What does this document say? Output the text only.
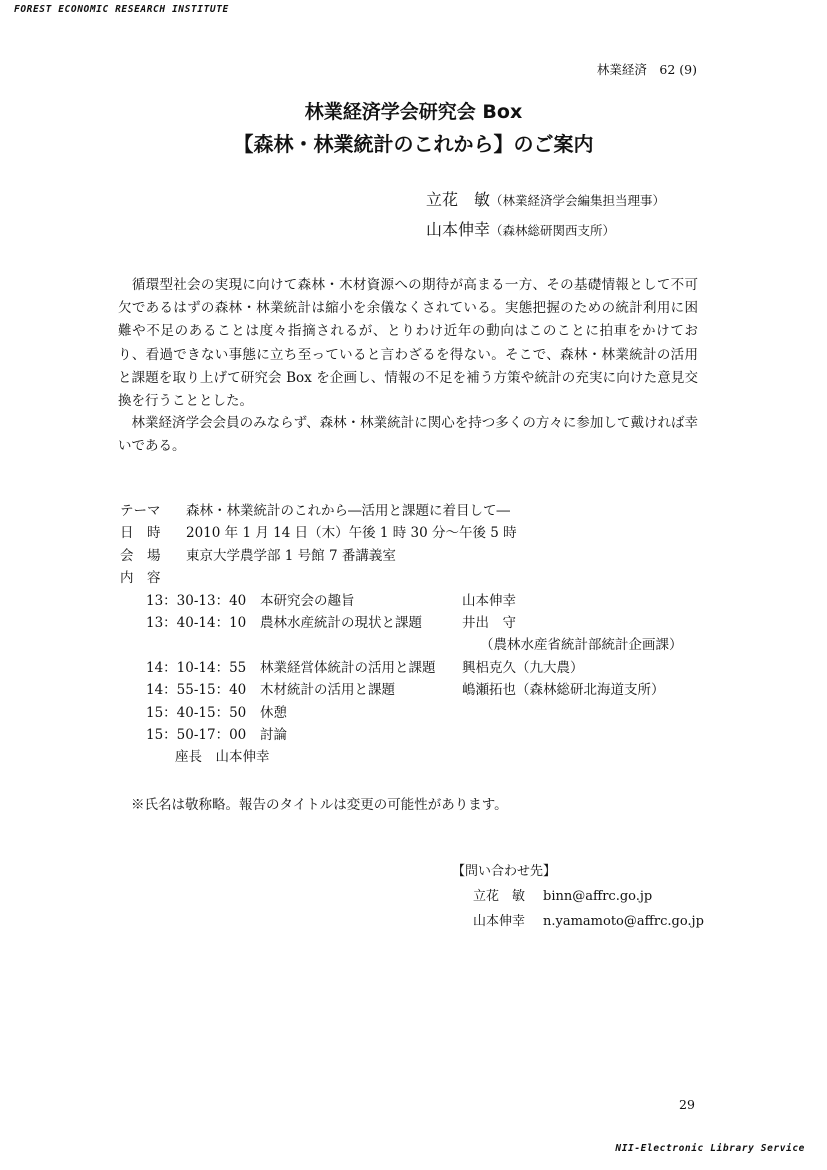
FOREST ECONOMIC RESEARCH INSTITUTE
林業経済　62 (9)
林業経済学会研究会 Box
【森林・林業統計のこれから】のご案内
立花　敏（林業経済学会編集担当理事）
山本伸幸（森林総研関西支所）
　循環型社会の実現に向けて森林・木材資源への期待が高まる一方、その基礎情報として不可欠であるはずの森林・林業統計は縮小を余儀なくされている。実態把握のための統計利用に困難や不足のあることは度々指摘されるが、とりわけ近年の動向はこのことに拍車をかけており、看過できない事態に立ち至っていると言わざるを得ない。そこで、森林・林業統計の活用と課題を取り上げて研究会 Box を企画し、情報の不足を補う方策や統計の充実に向けた意見交換を行うこととした。
　林業経済学会会員のみならず、森林・林業統計に関心を持つ多くの方々に参加して戴ければ幸いである。
テーマ 森林・林業統計のこれから―活用と課題に着目して―
日　時 2010 年 1 月 14 日（木）午後 1 時 30 分～午後 5 時
会　場 東京大学農学部 1 号館 7 番講義室
内　容
13：30-13：40 本研究会の趣旨	山本伸幸
13：40-14：10 農林水産統計の現状と課題	井出　守
（農林水産省統計部統計企画課）
14：10-14：55 林業経営体統計の活用と課題 興梠克久（九大農）
14：55-15：40 木材統計の活用と課題	嶋瀬拓也（森林総研北海道支所）
15：40-15：50 休憩
15：50-17：00 討論
座長　山本伸幸
※氏名は敬称略。報告のタイトルは変更の可能性があります。
【問い合わせ先】
立花　敏 binn@affrc.go.jp
山本伸幸 n.yamamoto@affrc.go.jp
29
NII-Electronic Library Service
